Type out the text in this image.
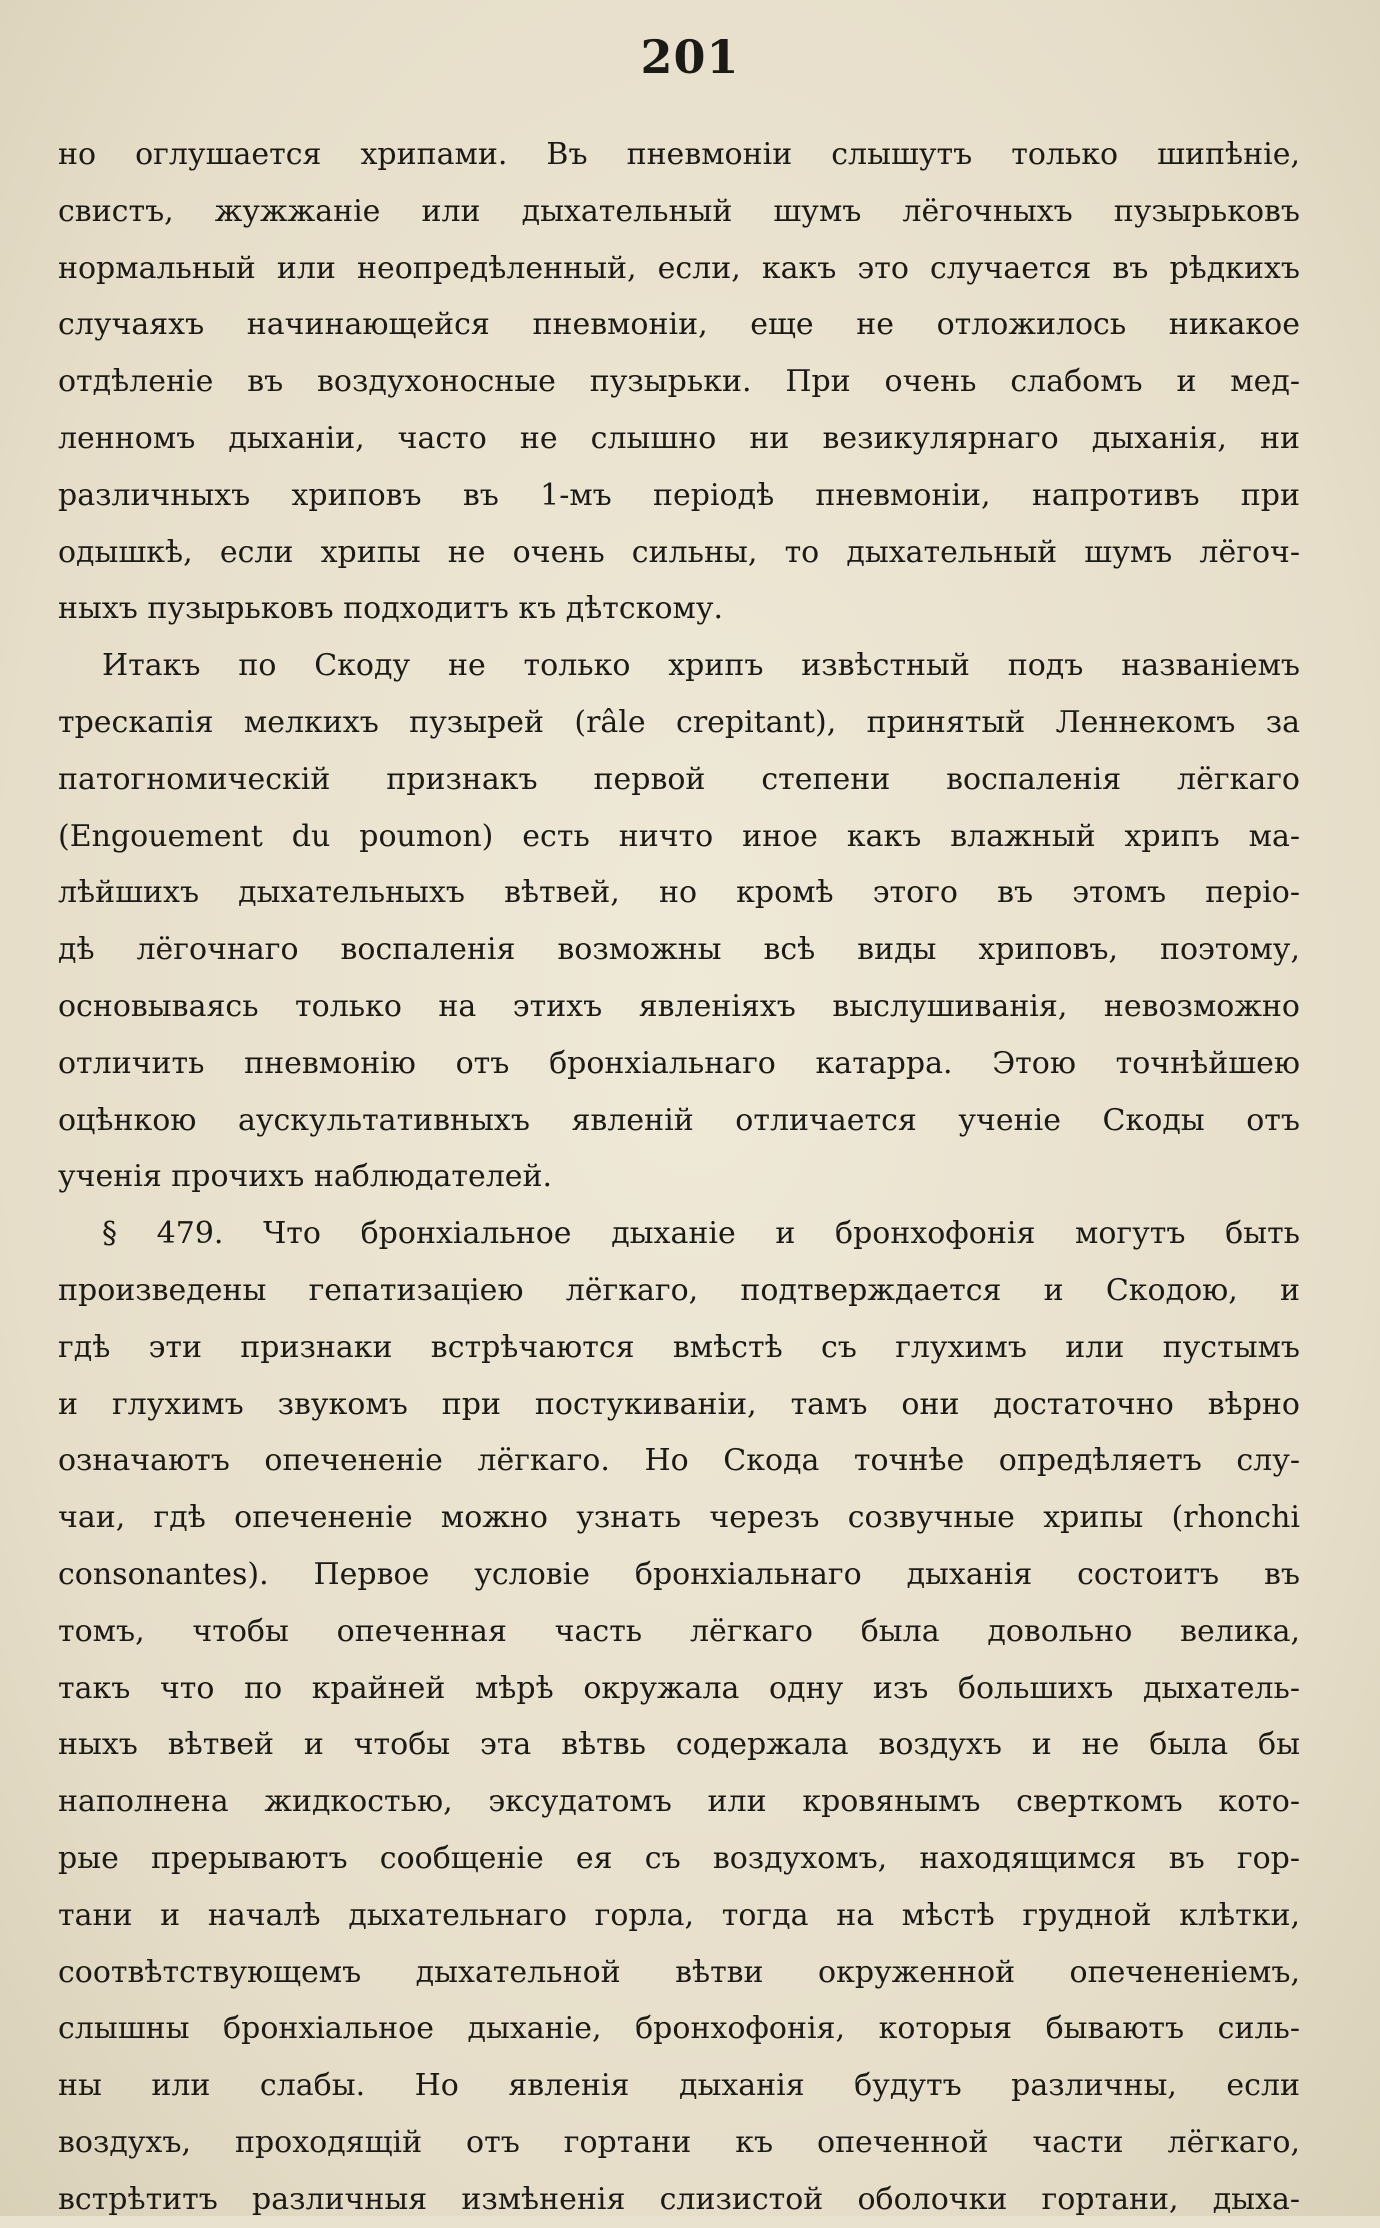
201
но оглушается хрипами. Въ пневмоніи слышутъ только шипѣніе,
свистъ, жужжаніе или дыхательный шумъ лёгочныхъ пузырьковъ
нормальный или неопредѣленный, если, какъ это случается въ рѣдкихъ
случаяхъ начинающейся пневмоніи, еще не отложилось никакое
отдѣленіе въ воздухоносные пузырьки. При очень слабомъ и мед-
ленномъ дыханіи, часто не слышно ни везикулярнаго дыханія, ни
различныхъ хриповъ въ 1-мъ періодѣ пневмоніи, напротивъ при
одышкѣ, если хрипы не очень сильны, то дыхательный шумъ лёгоч-
ныхъ пузырьковъ подходитъ къ дѣтскому.
Итакъ по Скоду не только хрипъ извѣстный подъ названіемъ
трескапія мелкихъ пузырей (râle crepitant), принятый Леннекомъ за
патогномическій признакъ первой степени воспаленія лёгкаго
(Engouement du poumon) есть ничто иное какъ влажный хрипъ ма-
лѣйшихъ дыхательныхъ вѣтвей, но кромѣ этого въ этомъ періо-
дѣ лёгочнаго воспаленія возможны всѣ виды хриповъ, поэтому,
основываясь только на этихъ явленіяхъ выслушиванія, невозможно
отличить пневмонію отъ бронхіальнаго катарра. Этою точнѣйшею
оцѣнкою аускультативныхъ явленій отличается ученіе Скоды отъ
ученія прочихъ наблюдателей.
§ 479. Что бронхіальное дыханіе и бронхофонія могутъ быть
произведены гепатизаціею лёгкаго, подтверждается и Скодою, и
гдѣ эти признаки встрѣчаются вмѣстѣ съ глухимъ или пустымъ
и глухимъ звукомъ при постукиваніи, тамъ они достаточно вѣрно
означаютъ опечененіе лёгкаго. Но Скода точнѣе опредѣляетъ слу-
чаи, гдѣ опечененіе можно узнать черезъ созвучные хрипы (rhonchi
consonantes). Первое условіе бронхіальнаго дыханія состоитъ въ
томъ, чтобы опеченная часть лёгкаго была довольно велика,
такъ что по крайней мѣрѣ окружала одну изъ большихъ дыхатель-
ныхъ вѣтвей и чтобы эта вѣтвь содержала воздухъ и не была бы
наполнена жидкостью, эксудатомъ или кровянымъ сверткомъ кото-
рые прерываютъ сообщеніе ея съ воздухомъ, находящимся въ гор-
тани и началѣ дыхательнаго горла, тогда на мѣстѣ грудной клѣтки,
соотвѣтствующемъ дыхательной вѣтви окруженной опечененіемъ,
слышны бронхіальное дыханіе, бронхофонія, которыя бываютъ силь-
ны или слабы. Но явленія дыханія будутъ различны, если
воздухъ, проходящій отъ гортани къ опеченной части лёгкаго,
встрѣтитъ различныя измѣненія слизистой оболочки гортани, дыха-
